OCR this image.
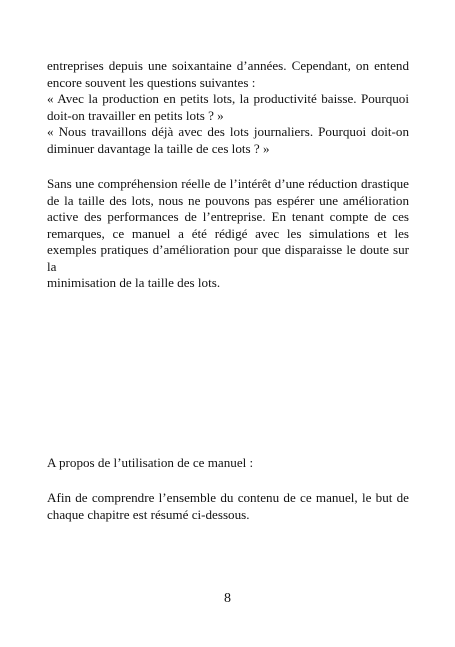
entreprises depuis une soixantaine d’années. Cependant, on entend

encore souvent les questions suivantes :

« Avec la production en petits lots, la productivité baisse. Pourquoi

doit-on travailler en petits lots ? »

« Nous travaillons déjà avec des lots journaliers. Pourquoi doit-on

diminuer davantage la taille de ces lots ? »

Sans une compréhension réelle de l’intérêt d’une réduction drastique

de la taille des lots, nous ne pouvons pas espérer une amélioration

active des performances de l’entreprise. En tenant compte de ces

remarques, ce manuel a été rédigé avec les simulations et les

exemples pratiques d’amélioration pour que disparaisse le doute sur la

minimisation de la taille des lots.

A propos de l’utilisation de ce manuel :

Afin de comprendre l’ensemble du contenu de ce manuel, le but de

chaque chapitre est résumé ci-dessous.

8
